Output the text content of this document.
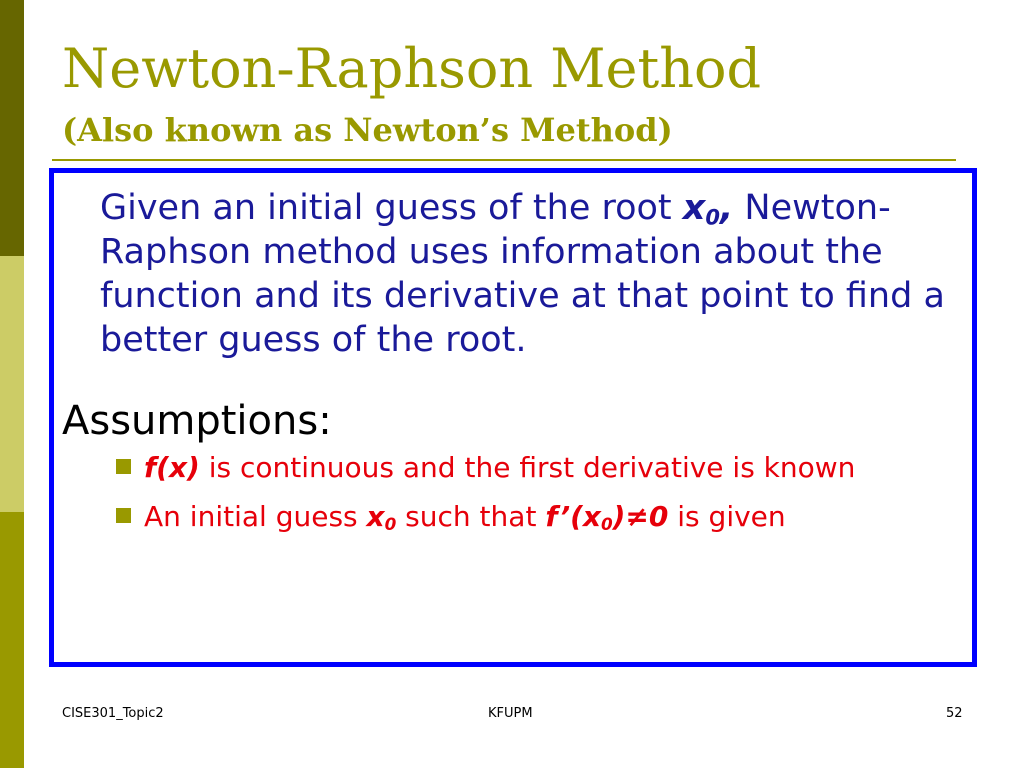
Newton-Raphson Method
(Also known as Newton’s Method)

Given an initial guess of the root $x_0$, Newton-Raphson method uses information about the function and its derivative at that point to find a better guess of the root.

Assumptions:
f(x) is continuous and the first derivative is known
An initial guess $x_0$ such that $f’(x_0)\ne 0$ is given
CISE301_Topic2	KFUPM	52
